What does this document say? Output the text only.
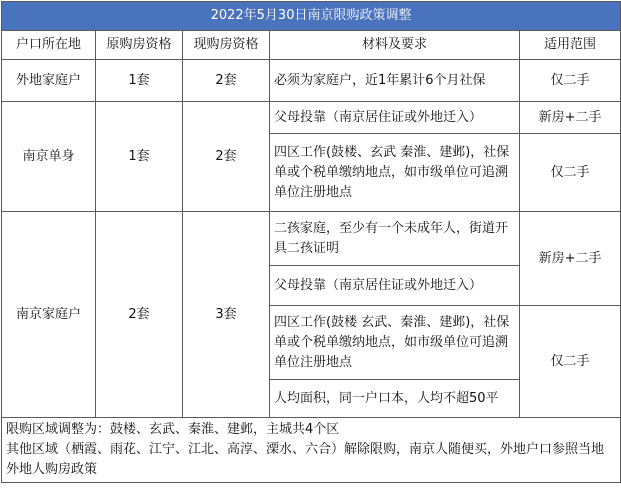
2022年5月30日南京限购政策调整				
户口所在地	原购房资格	现购房资格	材料及要求	适用范围
外地家庭户	1套	2套	必须为家庭户，近1年累计6个月社保	仅二手
南京单身	1套	2套	父母投靠（南京居住证或外地迁入）	新房+二手
			四区工作(鼓楼、玄武 秦淮、建邺)，社保单或个税单缴纳地点，如市级单位可追溯单位注册地点	仅二手
南京家庭户	2套	3套	二孩家庭，至少有一个未成年人，街道开具二孩证明	新房+二手
			父母投靠（南京居住证或外地迁入）	
			四区工作(鼓楼 玄武、秦淮、建邺)，社保单或个税单缴纳地点，如市级单位可追溯单位注册地点	仅二手
			人均面积，同一户口本，人均不超50平	

限购区域调整为：鼓楼、玄武、秦淮、建邺，主城共4个区
其他区域（栖霞、雨花、江宁、江北、高淳、溧水、六合）解除限购，南京人随便买，外地户口参照当地外地人购房政策				
